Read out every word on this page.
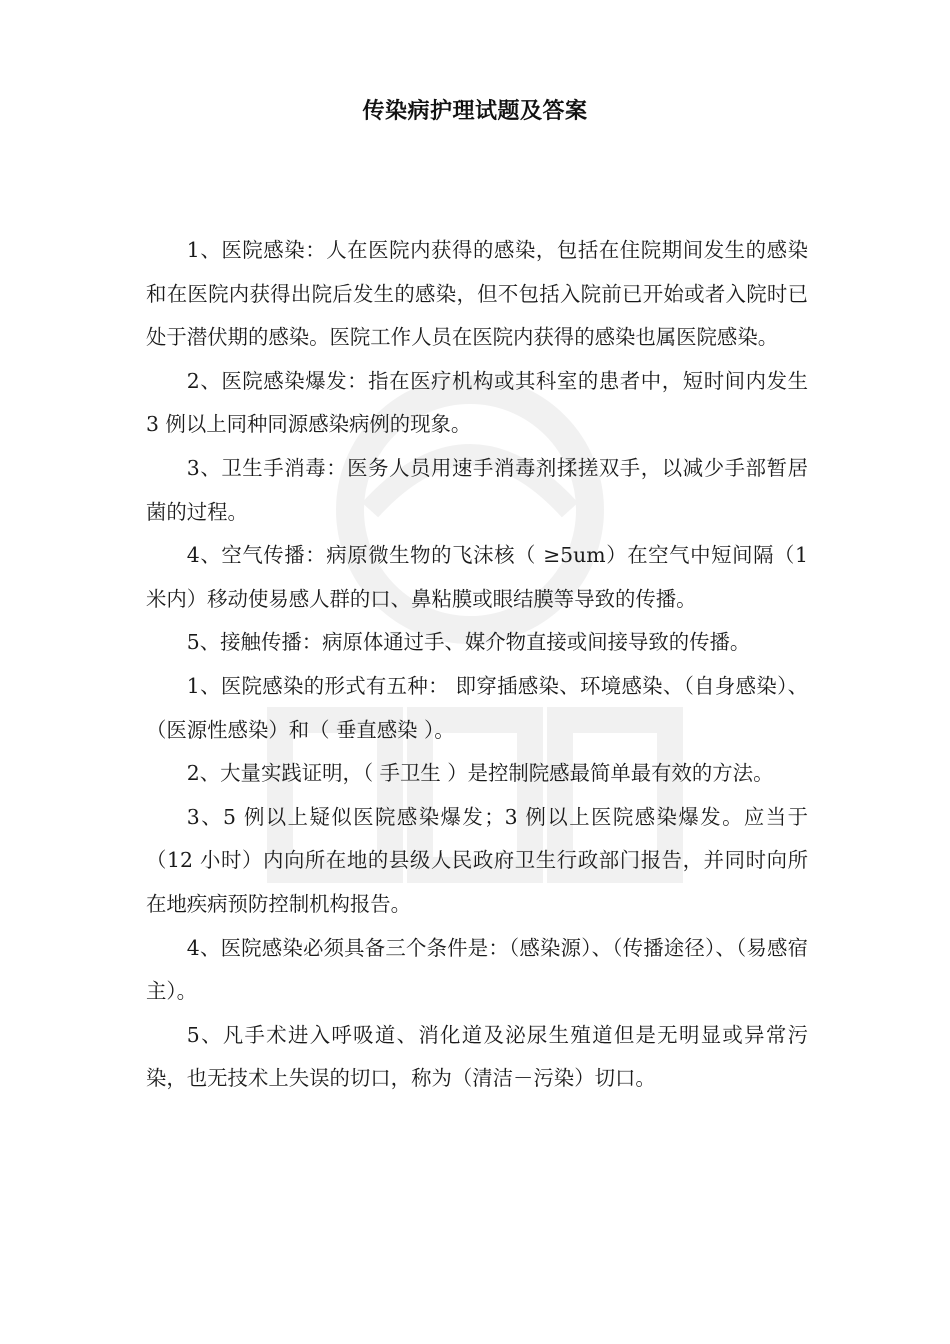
传染病护理试题及答案

1、医院感染：人在医院内获得的感染，包括在住院期间发生的感染和在医院内获得出院后发生的感染，但不包括入院前已开始或者入院时已处于潜伏期的感染。医院工作人员在医院内获得的感染也属医院感染。

2、医院感染爆发：指在医疗机构或其科室的患者中，短时间内发生 3 例以上同种同源感染病例的现象。

3、卫生手消毒：医务人员用速手消毒剂揉搓双手，以减少手部暂居菌的过程。

4、空气传播：病原微生物的飞沫核（ ≥5um）在空气中短间隔（1 米内）移动使易感人群的口、鼻粘膜或眼结膜等导致的传播。

5、接触传播：病原体通过手、媒介物直接或间接导致的传播。

1、医院感染的形式有五种： 即穿插感染、环境感染、（自身感染）、（医源性感染）和（ 垂直感染 ）。

2、大量实践证明，（ 手卫生 ）是控制院感最简单最有效的方法。

3、5 例以上疑似医院感染爆发；3 例以上医院感染爆发。应当于（12 小时）内向所在地的县级人民政府卫生行政部门报告，并同时向所在地疾病预防控制机构报告。

4、医院感染必须具备三个条件是：（感染源）、（传播途径）、（易感宿主）。

5、凡手术进入呼吸道、消化道及泌尿生殖道但是无明显或异常污染，也无技术上失误的切口，称为（清洁－污染）切口。
